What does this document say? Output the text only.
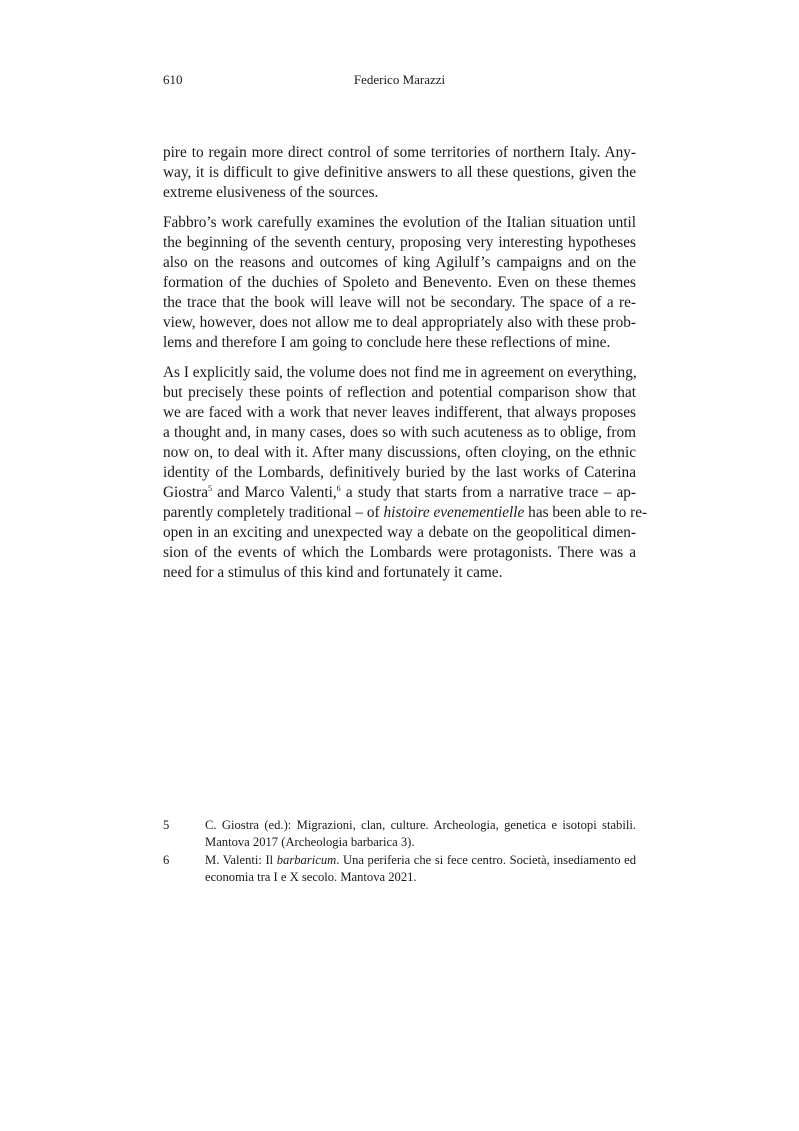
610	Federico Marazzi

pire to regain more direct control of some territories of northern Italy. Any-
way, it is difficult to give definitive answers to all these questions, given the
extreme elusiveness of the sources.

Fabbro’s work carefully examines the evolution of the Italian situation until
the beginning of the seventh century, proposing very interesting hypotheses
also on the reasons and outcomes of king Agilulf’s campaigns and on the
formation of the duchies of Spoleto and Benevento. Even on these themes
the trace that the book will leave will not be secondary. The space of a re-
view, however, does not allow me to deal appropriately also with these prob-
lems and therefore I am going to conclude here these reflections of mine.

As I explicitly said, the volume does not find me in agreement on everything,
but precisely these points of reflection and potential comparison show that
we are faced with a work that never leaves indifferent, that always proposes
a thought and, in many cases, does so with such acuteness as to oblige, from
now on, to deal with it. After many discussions, often cloying, on the ethnic
identity of the Lombards, definitively buried by the last works of Caterina
Giostra$^5$ and Marco Valenti,$^6$ a study that starts from a narrative trace – ap-
parently completely traditional – of histoire evenementielle has been able to re-
open in an exciting and unexpected way a debate on the geopolitical dimen-
sion of the events of which the Lombards were protagonists. There was a
need for a stimulus of this kind and fortunately it came.

5	C. Giostra (ed.): Migrazioni, clan, culture. Archeologia, genetica e isotopi stabili.
Mantova 2017 (Archeologia barbarica 3).
6	M. Valenti: Il barbaricum. Una periferia che si fece centro. Società, insediamento ed
economia tra I e X secolo. Mantova 2021.
